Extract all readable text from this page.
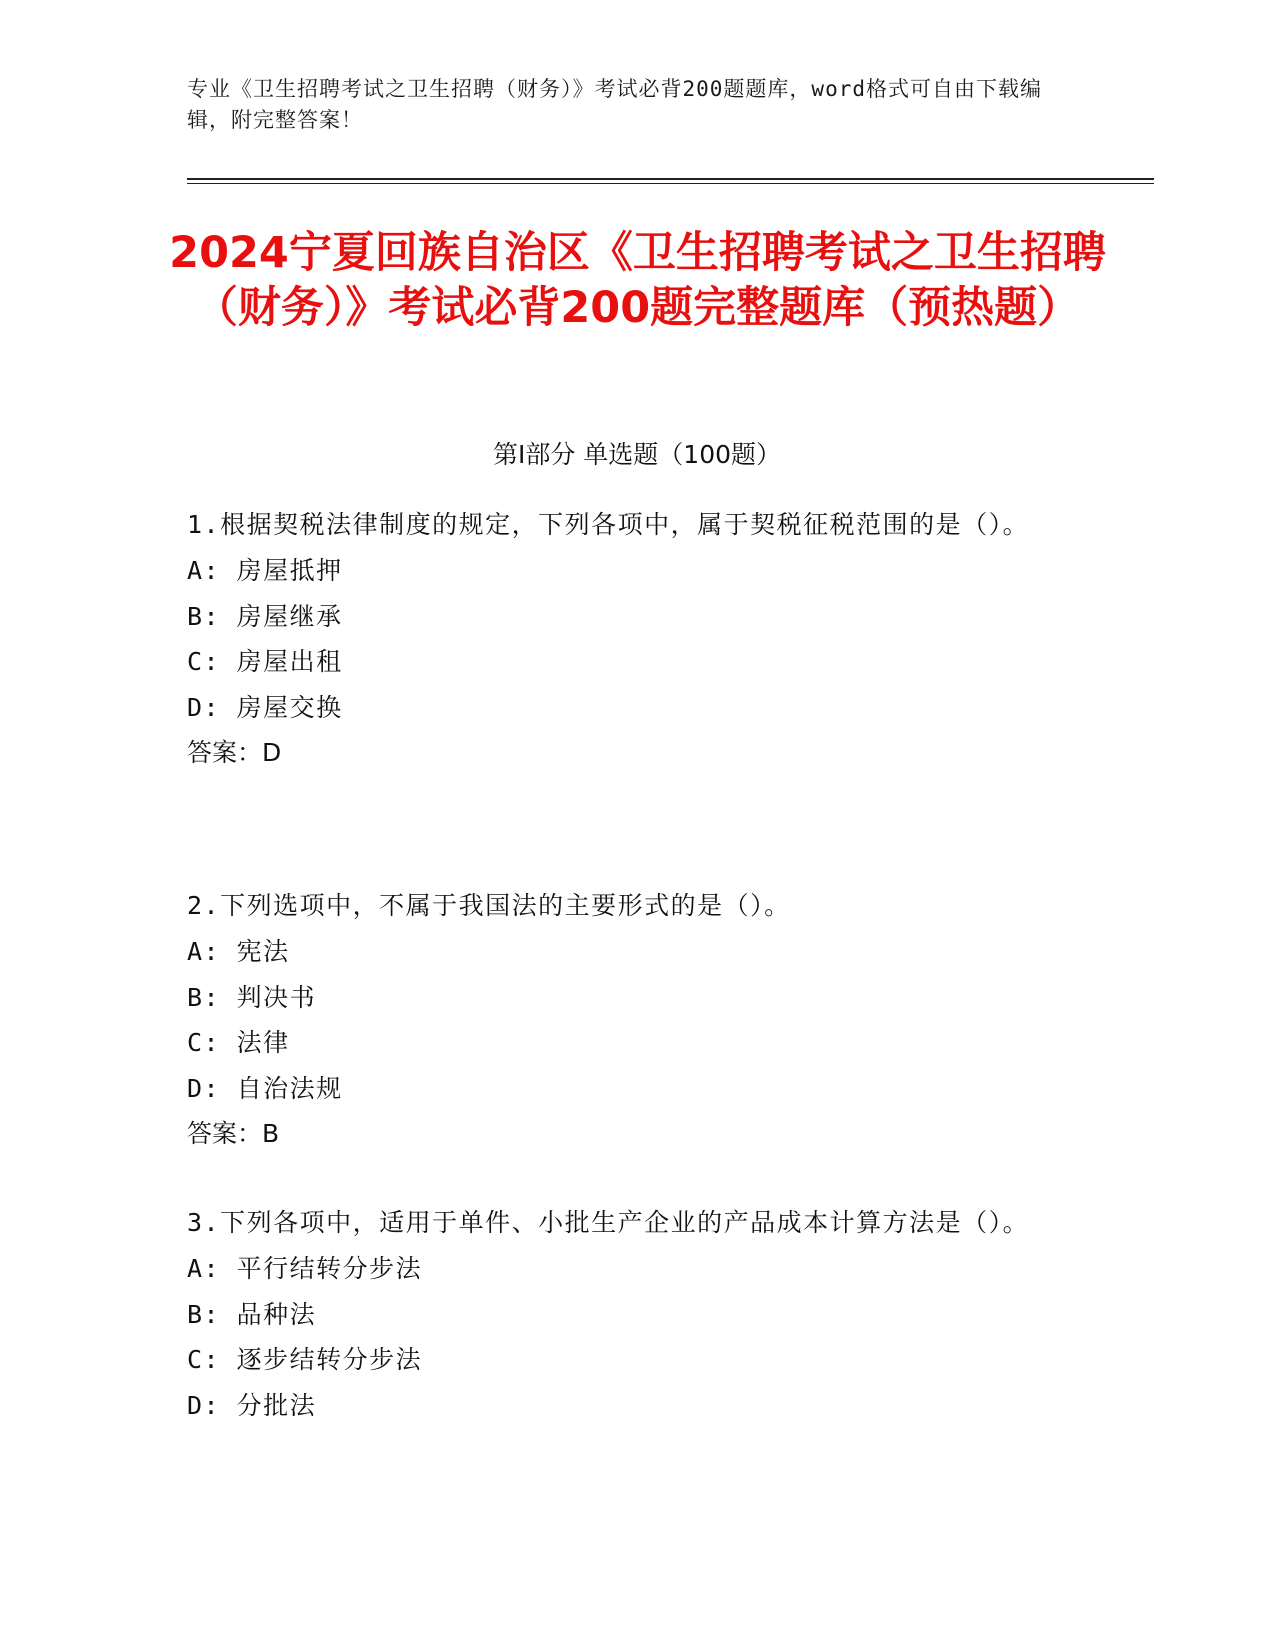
专业《卫生招聘考试之卫生招聘（财务）》考试必背200题题库，word格式可自由下载编辑，附完整答案！
2024宁夏回族自治区《卫生招聘考试之卫生招聘（财务）》考试必背200题完整题库（预热题）
第I部分 单选题（100题）
1.根据契税法律制度的规定，下列各项中，属于契税征税范围的是（）。
A: 房屋抵押
B: 房屋继承
C: 房屋出租
D: 房屋交换
答案：D
2.下列选项中，不属于我国法的主要形式的是（）。
A: 宪法
B: 判决书
C: 法律
D: 自治法规
答案：B
3.下列各项中，适用于单件、小批生产企业的产品成本计算方法是（）。
A: 平行结转分步法
B: 品种法
C: 逐步结转分步法
D: 分批法
